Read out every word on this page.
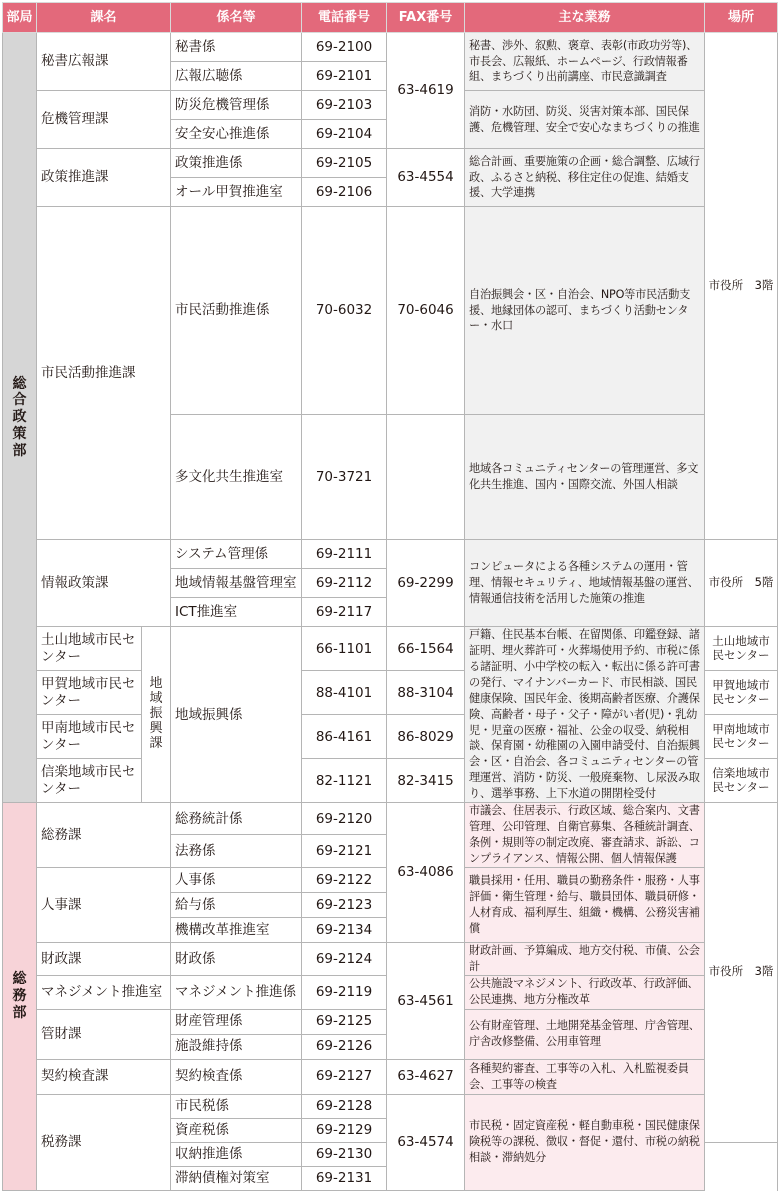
部局	課名		係名等	電話番号	FAX番号	主な業務	場所	
総合政策部	秘書広報課		秘書係	69-2100	63-4619	秘書、渉外、叙勲、褒章、表彰(市政功労等)、市長会、広報紙、ホームページ、行政情報番組、まちづくり出前講座、市民意識調査	市役所　3階	
			広報広聴係	69-2101				
	危機管理課		防災危機管理係	69-2103		消防・水防団、防災、災害対策本部、国民保護、危機管理、安全で安心なまちづくりの推進		
			安全安心推進係	69-2104				
	政策推進課		政策推進係	69-2105	63-4554	総合計画、重要施策の企画・総合調整、広域行政、ふるさと納税、移住定住の促進、結婚支援、大学連携		
			オール甲賀推進室	69-2106				
	市民活動推進課		市民活動推進係	70-6032	70-6046	自治振興会・区・自治会、NPO等市民活動支援、地縁団体の認可、まちづくり活動センター・水口	
			多文化共生推進室	70-3721		地域各コミュニティセンターの管理運営、多文化共生推進、国内・国際交流、外国人相談	
	情報政策課		システム管理係	69-2111	69-2299	コンピュータによる各種システムの運用・管理、情報セキュリティ、地域情報基盤の運営、情報通信技術を活用した施策の推進	市役所　5階	
			地域情報基盤管理室	69-2112				
			ICT推進室	69-2117				
	土山地域市民センター	地域振興課	地域振興係	66-1101	66-1564	戸籍、住民基本台帳、在留関係、印鑑登録、諸証明、埋火葬許可・火葬場使用予約、市税に係る諸証明、小中学校の転入・転出に係る許可書の発行、マイナンバーカード、市民相談、国民健康保険、国民年金、後期高齢者医療、介護保険、高齢者・母子・父子・障がい者(児)・乳幼児・児童の医療・福祉、公金の収受、納税相談、保育園・幼稚園の入園申請受付、自治振興会・区・自治会、各コミュニティセンターの管理運営、消防・防災、一般廃棄物、し尿汲み取り、選挙事務、上下水道の開閉栓受付	土山地域市民センター	

	甲賀地域市民センター			88-4101	88-3104		甲賀地域市民センター	

	甲南地域市民センター			86-4161	86-8029		甲南地域市民センター	

	信楽地域市民センター			82-1121	82-3415		信楽地域市民センター	

総務部	総務課		総務統計係	69-2120	63-4086	市議会、住居表示、行政区域、総合案内、文書管理、公印管理、自衛官募集、各種統計調査、条例・規則等の制定改廃、審査請求、訴訟、コンプライアンス、情報公開、個人情報保護	市役所　3階	
			法務係	69-2121				
	人事課		人事係	69-2122		職員採用・任用、職員の勤務条件・服務・人事評価・衛生管理・給与、職員団体、職員研修・人材育成、福利厚生、組織・機構、公務災害補償		
			給与係	69-2123				
			機構改革推進室	69-2134				
	財政課		財政係	69-2124	63-4561	財政計画、予算編成、地方交付税、市債、公会計		
	マネジメント推進室		マネジメント推進係	69-2119		公共施設マネジメント、行政改革、行政評価、公民連携、地方分権改革		
	管財課		財産管理係	69-2125		公有財産管理、土地開発基金管理、庁舎管理、庁舎改修整備、公用車管理		
			施設維持係	69-2126				
	契約検査課		契約検査係	69-2127	63-4627	各種契約審査、工事等の入札、入札監視委員会、工事等の検査		
	税務課		市民税係	69-2128	63-4574	市民税・固定資産税・軽自動車税・国民健康保険税等の課税、徴収・督促・還付、市税の納税相談・滞納処分	
			資産税係	69-2129				
			収納推進係	69-2130				
			滞納債権対策室	69-2131				
